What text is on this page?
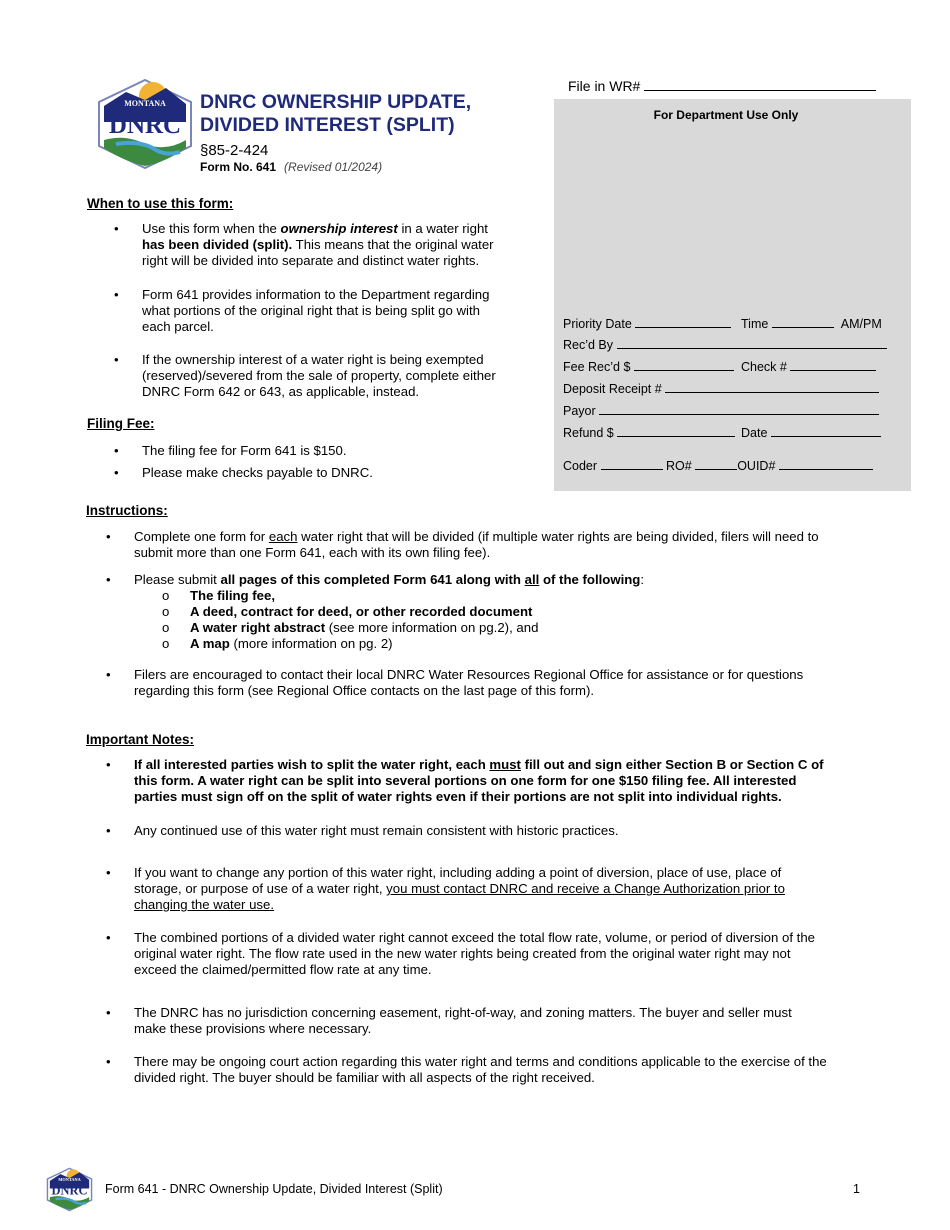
MONTANA
DNRC
DNRC OWNERSHIP UPDATE,
DIVIDED INTEREST (SPLIT)
§85-2-424
Form No. 641 (Revised 01/2024)
File in WR#
For Department Use Only
Priority Date	Time	AM/PM
Rec’d By
Fee Rec’d $	Check #
Deposit Receipt #
Payor
Refund $	Date
Coder	RO#	OUID#
When to use this form:
• Use this form when the ownership interest in a water right
has been divided (split). This means that the original water
right will be divided into separate and distinct water rights.
• Form 641 provides information to the Department regarding
what portions of the original right that is being split go with
each parcel.
• If the ownership interest of a water right is being exempted
(reserved)/severed from the sale of property, complete either
DNRC Form 642 or 643, as applicable, instead.
Filing Fee:
• The filing fee for Form 641 is $150.
• Please make checks payable to DNRC.
Instructions:
• Complete one form for each water right that will be divided (if multiple water rights are being divided, filers will need to
submit more than one Form 641, each with its own filing fee).
• Please submit all pages of this completed Form 641 along with all of the following:
o The filing fee,
o A deed, contract for deed, or other recorded document
o A water right abstract (see more information on pg.2), and
o A map (more information on pg. 2)
• Filers are encouraged to contact their local DNRC Water Resources Regional Office for assistance or for questions
regarding this form (see Regional Office contacts on the last page of this form).
Important Notes:
• If all interested parties wish to split the water right, each must fill out and sign either Section B or Section C of
this form. A water right can be split into several portions on one form for one $150 filing fee. All interested
parties must sign off on the split of water rights even if their portions are not split into individual rights.
• Any continued use of this water right must remain consistent with historic practices.
• If you want to change any portion of this water right, including adding a point of diversion, place of use, place of
storage, or purpose of use of a water right, you must contact DNRC and receive a Change Authorization prior to
changing the water use.
• The combined portions of a divided water right cannot exceed the total flow rate, volume, or period of diversion of the
original water right. The flow rate used in the new water rights being created from the original water right may not
exceed the claimed/permitted flow rate at any time.
• The DNRC has no jurisdiction concerning easement, right-of-way, and zoning matters. The buyer and seller must
make these provisions where necessary.
• There may be ongoing court action regarding this water right and terms and conditions applicable to the exercise of the
divided right. The buyer should be familiar with all aspects of the right received.
MONTANA
DNRC Form 641 - DNRC Ownership Update, Divided Interest (Split)	1
